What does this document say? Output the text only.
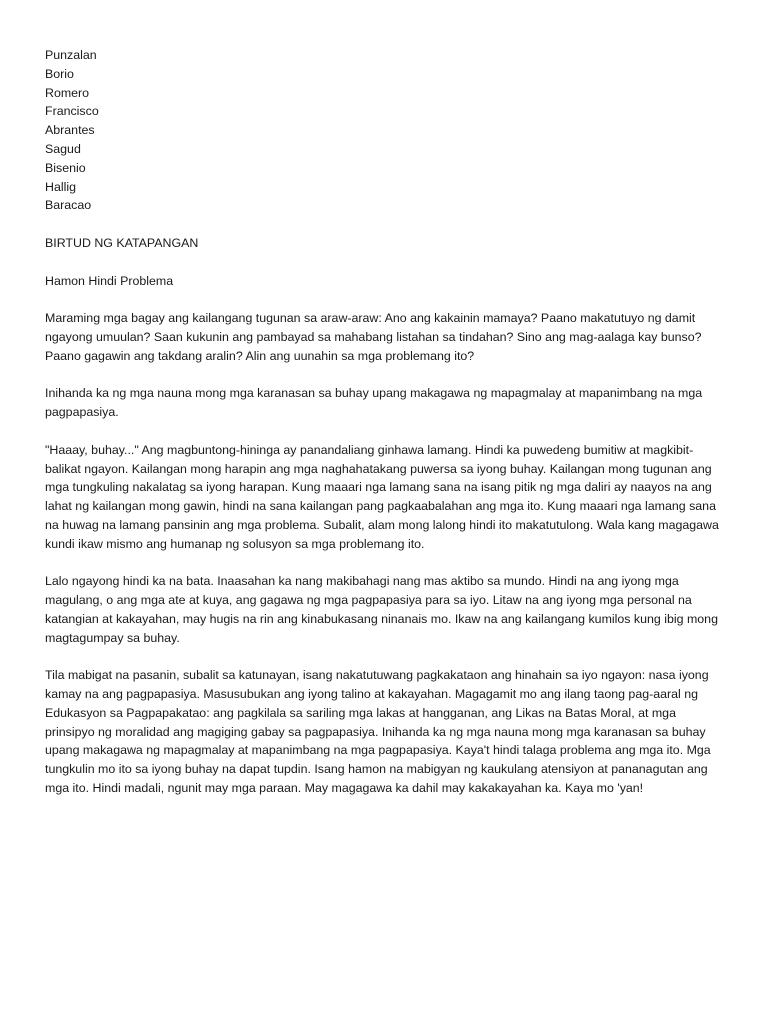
Punzalan
Borio
Romero
Francisco
Abrantes
Sagud
Bisenio
Hallig
Baracao
BIRTUD NG KATAPANGAN
Hamon Hindi Problema

Maraming mga bagay ang kailangang tugunan sa araw-araw: Ano ang kakainin mamaya? Paano makatutuyo ng damit ngayong umuulan? Saan kukunin ang pambayad sa mahabang listahan sa tindahan? Sino ang mag-aalaga kay bunso? Paano gagawin ang takdang aralin? Alin ang uunahin sa mga problemang ito?

Inihanda ka ng mga nauna mong mga karanasan sa buhay upang makagawa ng mapagmalay at mapanimbang na mga pagpapasiya.

"Haaay, buhay..." Ang magbuntong-hininga ay panandaliang ginhawa lamang. Hindi ka puwedeng bumitiw at magkibit-balikat ngayon. Kailangan mong harapin ang mga naghahatakang puwersa sa iyong buhay. Kailangan mong tugunan ang mga tungkuling nakalatag sa iyong harapan. Kung maaari nga lamang sana na isang pitik ng mga daliri ay naayos na ang lahat ng kailangan mong gawin, hindi na sana kailangan pang pagkaabalahan ang mga ito. Kung maaari nga lamang sana na huwag na lamang pansinin ang mga problema. Subalit, alam mong lalong hindi ito makatutulong. Wala kang magagawa kundi ikaw mismo ang humanap ng solusyon sa mga problemang ito.

Lalo ngayong hindi ka na bata. Inaasahan ka nang makibahagi nang mas aktibo sa mundo. Hindi na ang iyong mga magulang, o ang mga ate at kuya, ang gagawa ng mga pagpapasiya para sa iyo. Litaw na ang iyong mga personal na katangian at kakayahan, may hugis na rin ang kinabukasang ninanais mo. Ikaw na ang kailangang kumilos kung ibig mong magtagumpay sa buhay.

Tila mabigat na pasanin, subalit sa katunayan, isang nakatutuwang pagkakataon ang hinahain sa iyo ngayon: nasa iyong kamay na ang pagpapasiya. Masusubukan ang iyong talino at kakayahan. Magagamit mo ang ilang taong pag-aaral ng Edukasyon sa Pagpapakatao: ang pagkilala sa sariling mga lakas at hangganan, ang Likas na Batas Moral, at mga prinsipyo ng moralidad ang magiging gabay sa pagpapasiya. Inihanda ka ng mga nauna mong mga karanasan sa buhay upang makagawa ng mapagmalay at mapanimbang na mga pagpapasiya. Kaya't hindi talaga problema ang mga ito. Mga tungkulin mo ito sa iyong buhay na dapat tupdin. Isang hamon na mabigyan ng kaukulang atensiyon at pananagutan ang mga ito. Hindi madali, ngunit may mga paraan. May magagawa ka dahil may kakakayahan ka. Kaya mo 'yan!
